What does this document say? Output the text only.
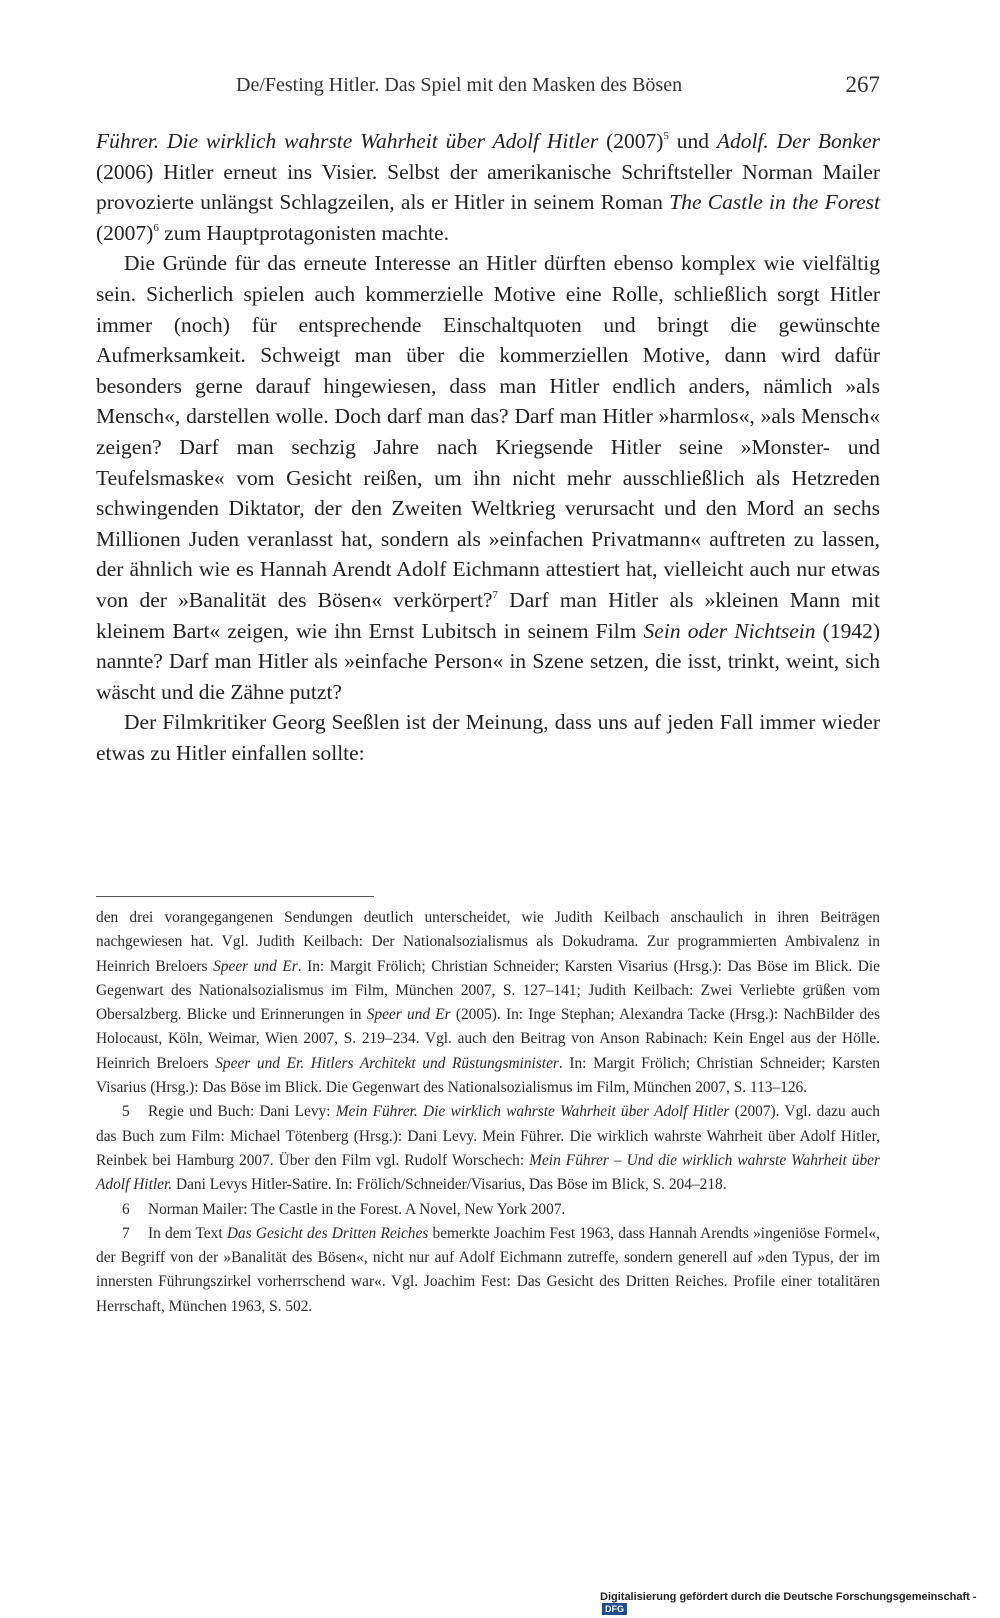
De/Festing Hitler. Das Spiel mit den Masken des Bösen	267

Führer. Die wirklich wahrste Wahrheit über Adolf Hitler $(2007)^5$ und Adolf. Der Bonker (2006) Hitler erneut ins Visier. Selbst der amerikanische Schriftsteller Norman Mailer provozierte unlängst Schlagzeilen, als er Hitler in seinem Roman The Castle in the Forest $(2007)^6$ zum Hauptprotagonisten machte.

Die Gründe für das erneute Interesse an Hitler dürften ebenso komplex wie vielfältig sein. Sicherlich spielen auch kommerzielle Motive eine Rolle, schließlich sorgt Hitler immer (noch) für entsprechende Einschaltquoten und bringt die gewünschte Aufmerksamkeit. Schweigt man über die kommerziellen Motive, dann wird dafür besonders gerne darauf hingewiesen, dass man Hitler endlich anders, nämlich »als Mensch«, darstellen wolle. Doch darf man das? Darf man Hitler »harmlos«, »als Mensch« zeigen? Darf man sechzig Jahre nach Kriegsende Hitler seine »Monster- und Teufelsmaske« vom Gesicht reißen, um ihn nicht mehr ausschließlich als Hetzreden schwingenden Diktator, der den Zweiten Weltkrieg verursacht und den Mord an sechs Millionen Juden veranlasst hat, sondern als »einfachen Privatmann« auftreten zu lassen, der ähnlich wie es Hannah Arendt Adolf Eichmann attestiert hat, vielleicht auch nur etwas von der »Banalität des Bösen« verkörpert?$^7$ Darf man Hitler als »kleinen Mann mit kleinem Bart« zeigen, wie ihn Ernst Lubitsch in seinem Film Sein oder Nichtsein (1942) nannte? Darf man Hitler als »einfache Person« in Szene setzen, die isst, trinkt, weint, sich wäscht und die Zähne putzt?

Der Filmkritiker Georg Seeßlen ist der Meinung, dass uns auf jeden Fall immer wieder etwas zu Hitler einfallen sollte:

den drei vorangegangenen Sendungen deutlich unterscheidet, wie Judith Keilbach anschaulich in ihren Beiträgen nachgewiesen hat. Vgl. Judith Keilbach: Der Nationalsozialismus als Dokudrama. Zur programmierten Ambivalenz in Heinrich Breloers Speer und Er. In: Margit Frölich; Christian Schneider; Karsten Visarius (Hrsg.): Das Böse im Blick. Die Gegenwart des Nationalsozialismus im Film, München 2007, S. 127–141; Judith Keilbach: Zwei Verliebte grüßen vom Obersalzberg. Blicke und Erinnerungen in Speer und Er (2005). In: Inge Stephan; Alexandra Tacke (Hrsg.): NachBilder des Holocaust, Köln, Weimar, Wien 2007, S. 219–234. Vgl. auch den Beitrag von Anson Rabinach: Kein Engel aus der Hölle. Heinrich Breloers Speer und Er. Hitlers Architekt und Rüstungsminister. In: Margit Frölich; Christian Schneider; Karsten Visarius (Hrsg.): Das Böse im Blick. Die Gegenwart des Nationalsozialismus im Film, München 2007, S. 113–126.

5 Regie und Buch: Dani Levy: Mein Führer. Die wirklich wahrste Wahrheit über Adolf Hitler (2007). Vgl. dazu auch das Buch zum Film: Michael Tötenberg (Hrsg.): Dani Levy. Mein Führer. Die wirklich wahrste Wahrheit über Adolf Hitler, Reinbek bei Hamburg 2007. Über den Film vgl. Rudolf Worschech: Mein Führer – Und die wirklich wahrste Wahrheit über Adolf Hitler. Dani Levys Hitler-Satire. In: Frölich/Schneider/Visarius, Das Böse im Blick, S. 204–218.

6 Norman Mailer: The Castle in the Forest. A Novel, New York 2007.

7 In dem Text Das Gesicht des Dritten Reiches bemerkte Joachim Fest 1963, dass Hannah Arendts »ingeniöse Formel«, der Begriff von der »Banalität des Bösen«, nicht nur auf Adolf Eichmann zutreffe, sondern generell auf »den Typus, der im innersten Führungszirkel vorherrschend war«. Vgl. Joachim Fest: Das Gesicht des Dritten Reiches. Profile einer totalitären Herrschaft, München 1963, S. 502.

Digitalisierung gefördert durch die Deutsche Forschungsgemeinschaft - DFG
